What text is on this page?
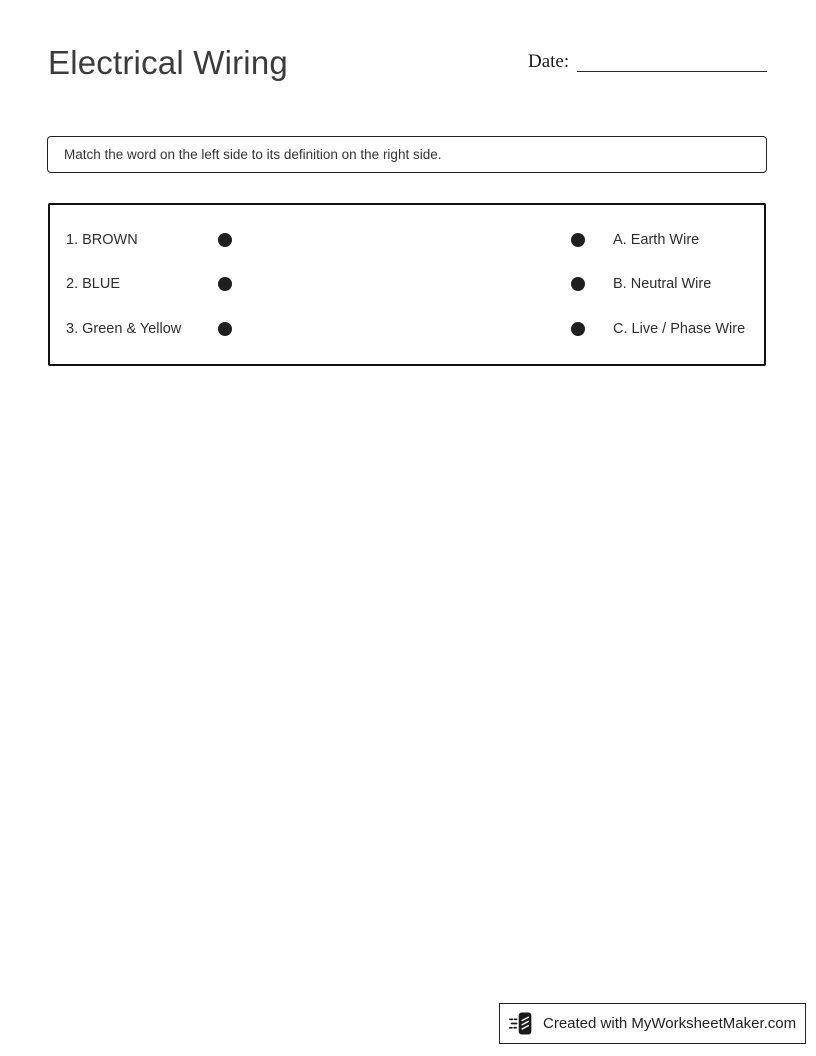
Electrical Wiring	Date:
Match the word on the left side to its definition on the right side.
1. BROWN	A. Earth Wire
2. BLUE	B. Neutral Wire
3. Green & Yellow	C. Live / Phase Wire
Created with MyWorksheetMaker.com
